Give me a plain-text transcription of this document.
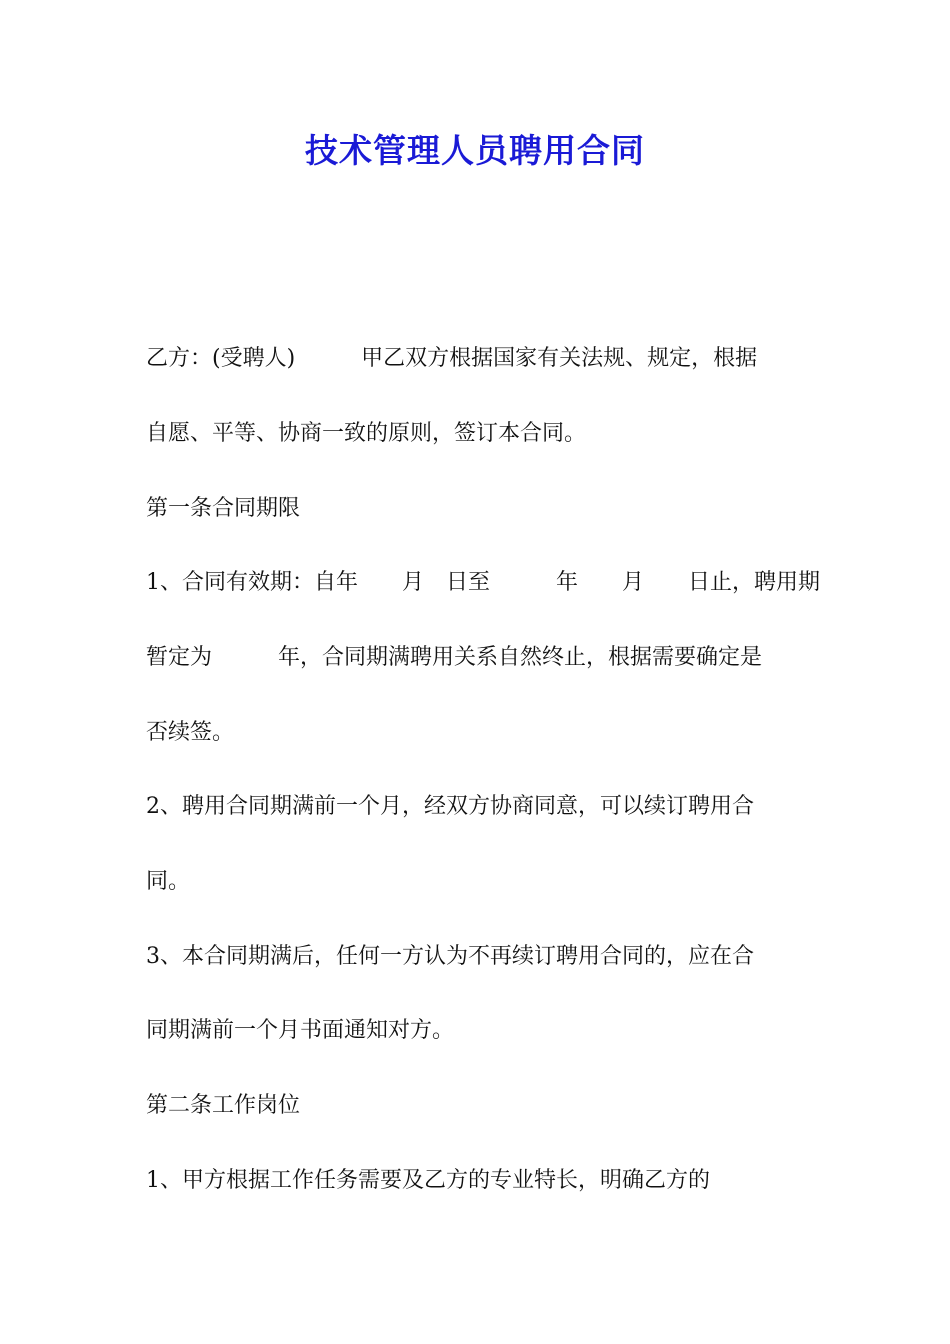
技术管理人员聘用合同
乙方：(受聘人)　　　甲乙双方根据国家有关法规、规定，根据
自愿、平等、协商一致的原则，签订本合同。
第一条合同期限
1、合同有效期：自年　　月　日至　　　年　　月　　日止，聘用期
暂定为　　　年，合同期满聘用关系自然终止，根据需要确定是
否续签。
2、聘用合同期满前一个月，经双方协商同意，可以续订聘用合
同。
3、本合同期满后，任何一方认为不再续订聘用合同的，应在合
同期满前一个月书面通知对方。
第二条工作岗位
1、甲方根据工作任务需要及乙方的专业特长，明确乙方的
